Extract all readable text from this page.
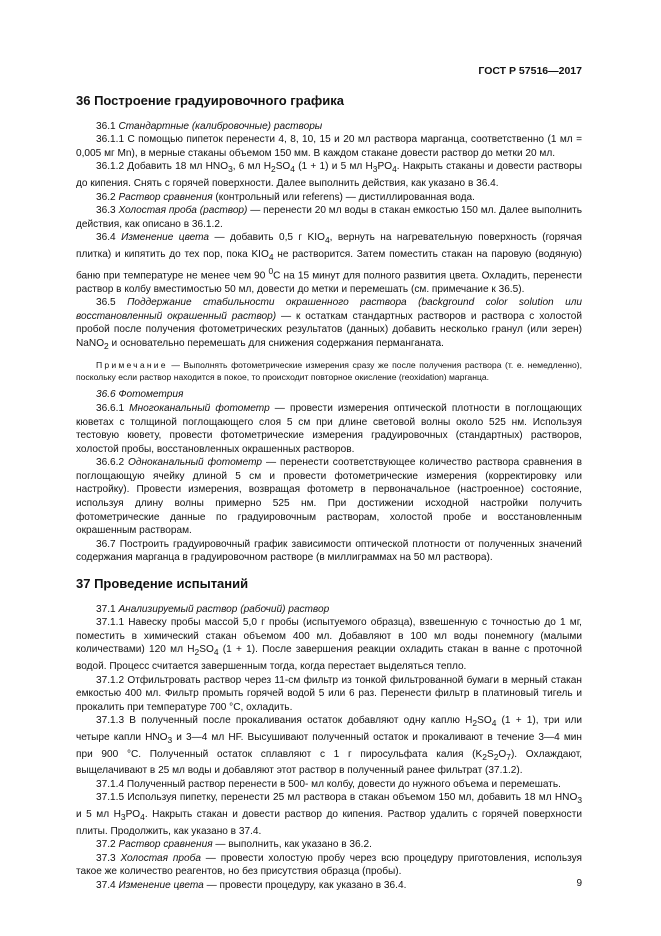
ГОСТ Р 57516—2017
36 Построение градуировочного графика

36.1 Стандартные (калибровочные) растворы

36.1.1 С помощью пипеток перенести 4, 8, 10, 15 и 20 мл раствора марганца, соответственно (1 мл = 0,005 мг Mn), в мерные стаканы объемом 150 мм. В каждом стакане довести раствор до метки 20 мл.

36.1.2 Добавить 18 мл $HNO_3$, 6 мл $H_2SO_4$ (1 + 1) и 5 мл $H_3PO_4$. Накрыть стаканы и довести растворы до кипения. Снять с горячей поверхности. Далее выполнить действия, как указано в 36.4.

36.2 Раствор сравнения (контрольный или referens) — дистиллированная вода.

36.3 Холостая проба (раствор) — перенести 20 мл воды в стакан емкостью 150 мл. Далее выполнить действия, как описано в 36.1.2.

36.4 Изменение цвета — добавить 0,5 г $KIO_4$, вернуть на нагревательную поверхность (горячая плитка) и кипятить до тех пор, пока $KIO_4$ не растворится. Затем поместить стакан на паровую (водяную) баню при температуре не менее чем 90 $^0$С на 15 минут для полного развития цвета. Охладить, перенести раствор в колбу вместимостью 50 мл, довести до метки и перемешать (см. примечание к 36.5).

36.5 Поддержание стабильности окрашенного раствора (background color solution или восстановленный окрашенный раствор) — к остаткам стандартных растворов и раствора с холостой пробой после получения фотометрических результатов (данных) добавить несколько гранул (или зерен) NaNO$_2$ и основательно перемешать для снижения содержания перманганата.

Примечание — Выполнять фотометрические измерения сразу же после получения раствора (т. е. немедленно), поскольку если раствор находится в покое, то происходит повторное окисление (reoxidation) марганца.

36.6 Фотометрия

36.6.1 Многоканальный фотометр — провести измерения оптической плотности в поглощающих кюветах с толщиной поглощающего слоя 5 см при длине световой волны около 525 нм. Используя тестовую кювету, провести фотометрические измерения градуировочных (стандартных) растворов, холостой пробы, восстановленных окрашенных растворов.

36.6.2 Одноканальный фотометр — перенести соответствующее количество раствора сравнения в поглощающую ячейку длиной 5 см и провести фотометрические измерения (корректировку или настройку). Провести измерения, возвращая фотометр в первоначальное (настроенное) состояние, используя длину волны примерно 525 нм. При достижении исходной настройки получить фотометрические данные по градуировочным растворам, холостой пробе и восстановленным окрашенным растворам.

36.7 Построить градуировочный график зависимости оптической плотности от полученных значений содержания марганца в градуировочном растворе (в миллиграммах на 50 мл раствора).

37 Проведение испытаний

37.1 Анализируемый раствор (рабочий) раствор

37.1.1 Навеску пробы массой 5,0 г пробы (испытуемого образца), взвешенную с точностью до 1 мг, поместить в химический стакан объемом 400 мл. Добавляют в 100 мл воды понемногу (малыми количествами) 120 мл $H_2SO_4$ (1 + 1). После завершения реакции охладить стакан в ванне с проточной водой. Процесс считается завершенным тогда, когда перестает выделяться тепло.

37.1.2 Отфильтровать раствор через 11-см фильтр из тонкой фильтрованной бумаги в мерный стакан емкостью 400 мл. Фильтр промыть горячей водой 5 или 6 раз. Перенести фильтр в платиновый тигель и прокалить при температуре 700 °С, охладить.

37.1.3 В полученный после прокаливания остаток добавляют одну каплю $H_2SO_4$ (1 + 1), три или четыре капли $HNO_3$ и 3—4 мл HF. Высушивают полученный остаток и прокаливают в течение 3—4 мин при 900 °С. Полученный остаток сплавляют с 1 г пиросульфата калия $(K_2S_2O_7)$. Охлаждают, выщелачивают в 25 мл воды и добавляют этот раствор в полученный ранее фильтрат (37.1.2).

37.1.4 Полученный раствор перенести в 500- мл колбу, довести до нужного объема и перемешать.

37.1.5 Используя пипетку, перенести 25 мл раствора в стакан объемом 150 мл, добавить 18 мл $HNO_3$ и 5 мл $H_3PO_4$. Накрыть стакан и довести раствор до кипения. Раствор удалить с горячей поверхности плиты. Продолжить, как указано в 37.4.

37.2 Раствор сравнения — выполнить, как указано в 36.2.

37.3 Холостая проба — провести холостую пробу через всю процедуру приготовления, используя такое же количество реагентов, но без присутствия образца (пробы).

37.4 Изменение цвета — провести процедуру, как указано в 36.4.	9
